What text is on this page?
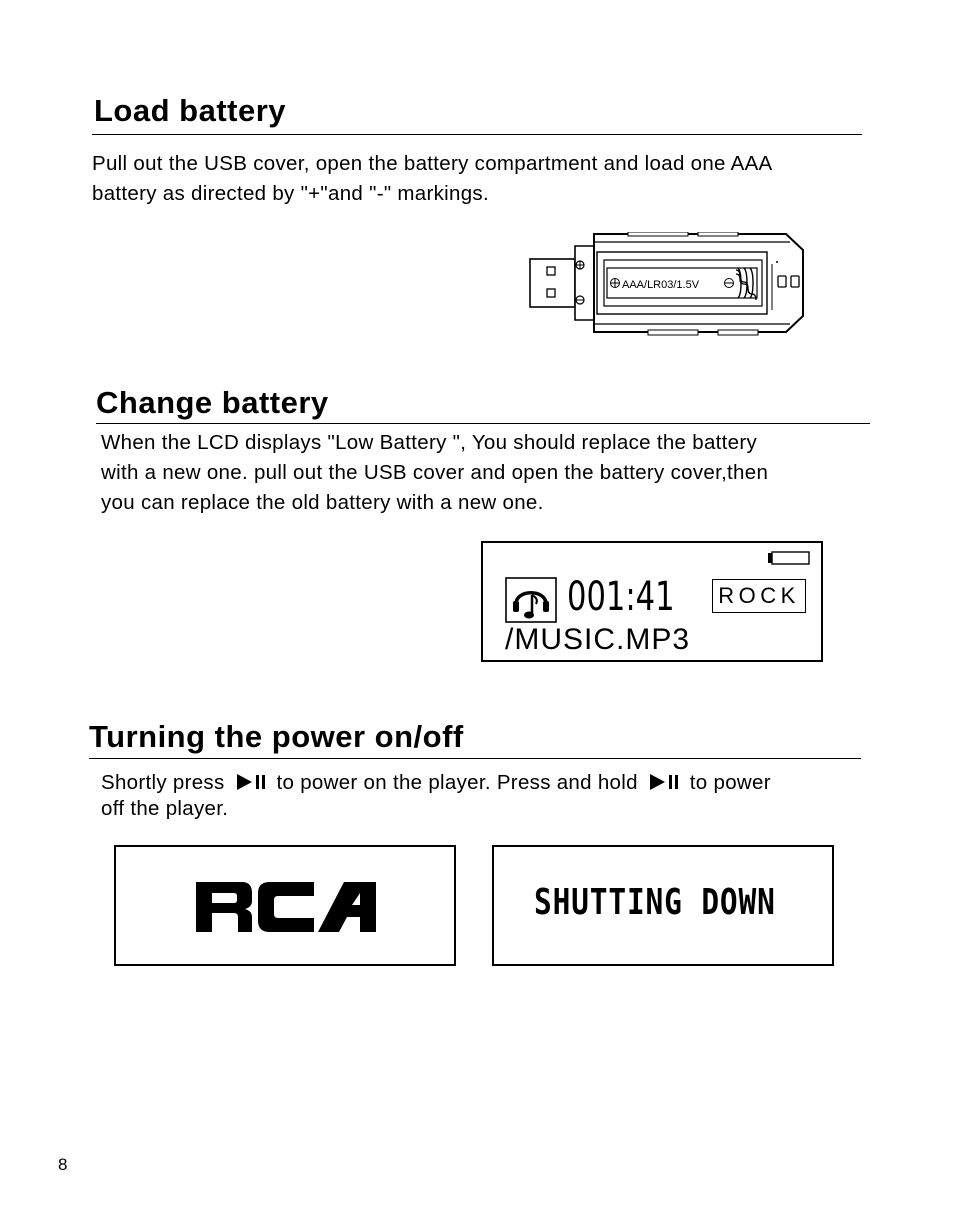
Load battery
Pull out the USB cover, open the battery compartment and load one AAA
battery as directed by "+"and "-" markings.
AAA/LR03/1.5V
Change battery
When the LCD displays "Low Battery ", You should replace the battery
with a new one. pull out the USB cover and open the battery cover,then
you can replace the old battery with a new one.
001:41 ROCK
/MUSIC.MP3
Turning the power on/off
Shortly press	to power on the player. Press and hold	to power
off the player.
SHUTTING DOWN
8
